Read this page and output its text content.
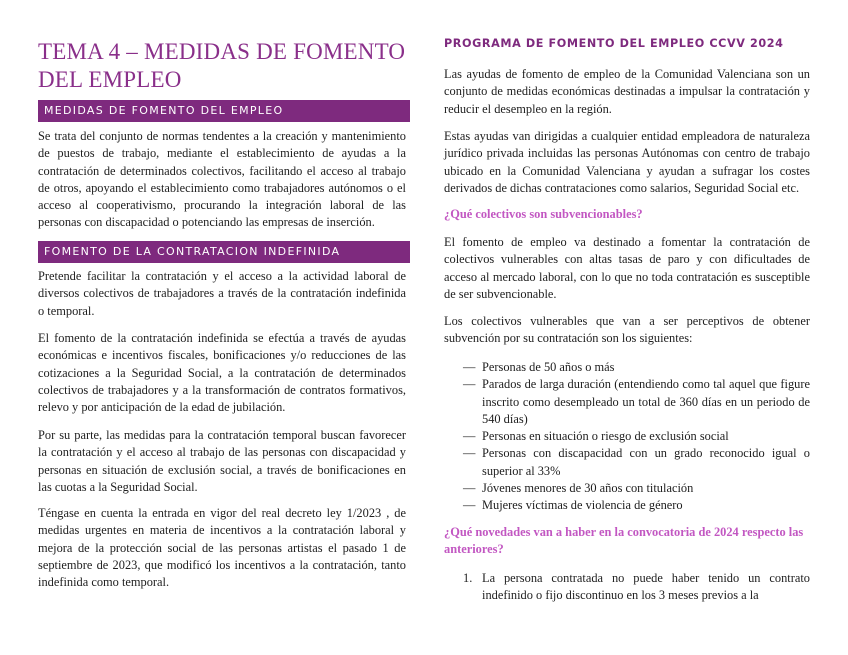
TEMA 4 – MEDIDAS DE FOMENTO DEL EMPLEO
MEDIDAS DE FOMENTO DEL EMPLEO

Se trata del conjunto de normas tendentes a la creación y mantenimiento de puestos de trabajo, mediante el establecimiento de ayudas a la contratación de determinados colectivos, facilitando el acceso al trabajo de otros, apoyando el establecimiento como trabajadores autónomos o el acceso al cooperativismo, procurando la integración laboral de las personas con discapacidad o potenciando las empresas de inserción.

FOMENTO DE LA CONTRATACION INDEFINIDA

Pretende facilitar la contratación y el acceso a la actividad laboral de diversos colectivos de trabajadores a través de la contratación indefinida o temporal.

El fomento de la contratación indefinida se efectúa a través de ayudas económicas e incentivos fiscales, bonificaciones y/o reducciones de las cotizaciones a la Seguridad Social, a la contratación de determinados colectivos de trabajadores y a la transformación de contratos formativos, relevo y por anticipación de la edad de jubilación.

Por su parte, las medidas para la contratación temporal buscan favorecer la contratación y el acceso al trabajo de las personas con discapacidad y personas en situación de exclusión social, a través de bonificaciones en las cuotas a la Seguridad Social.

Téngase en cuenta la entrada en vigor del real decreto ley 1/2023 , de medidas urgentes en materia de incentivos a la contratación laboral y mejora de la protección social de las personas artistas el pasado 1 de septiembre de 2023, que modificó los incentivos a la contratación, tanto indefinida como temporal.

PROGRAMA DE FOMENTO DEL EMPLEO CCVV 2024

Las ayudas de fomento de empleo de la Comunidad Valenciana son un conjunto de medidas económicas destinadas a impulsar la contratación y reducir el desempleo en la región.

Estas ayudas van dirigidas a cualquier entidad empleadora de naturaleza jurídico privada incluidas las personas Autónomas con centro de trabajo ubicado en la Comunidad Valenciana y ayudan a sufragar los costes derivados de dichas contrataciones como salarios, Seguridad Social etc.

¿Qué colectivos son subvencionables?

El fomento de empleo va destinado a fomentar la contratación de colectivos vulnerables con altas tasas de paro y con dificultades de acceso al mercado laboral, con lo que no toda contratación es susceptible de ser subvencionable.

Los colectivos vulnerables que van a ser perceptivos de obtener subvención por su contratación son los siguientes:

— Personas de 50 años o más
— Parados de larga duración (entendiendo como tal aquel que figure inscrito como desempleado un total de 360 días en un periodo de 540 días)
— Personas en situación o riesgo de exclusión social
— Personas con discapacidad con un grado reconocido igual o superior al 33%
— Jóvenes menores de 30 años con titulación
— Mujeres víctimas de violencia de género
¿Qué novedades van a haber en la convocatoria de 2024 respecto las anteriores?
1. La persona contratada no puede haber tenido un contrato indefinido o fijo discontinuo en los 3 meses previos a la
